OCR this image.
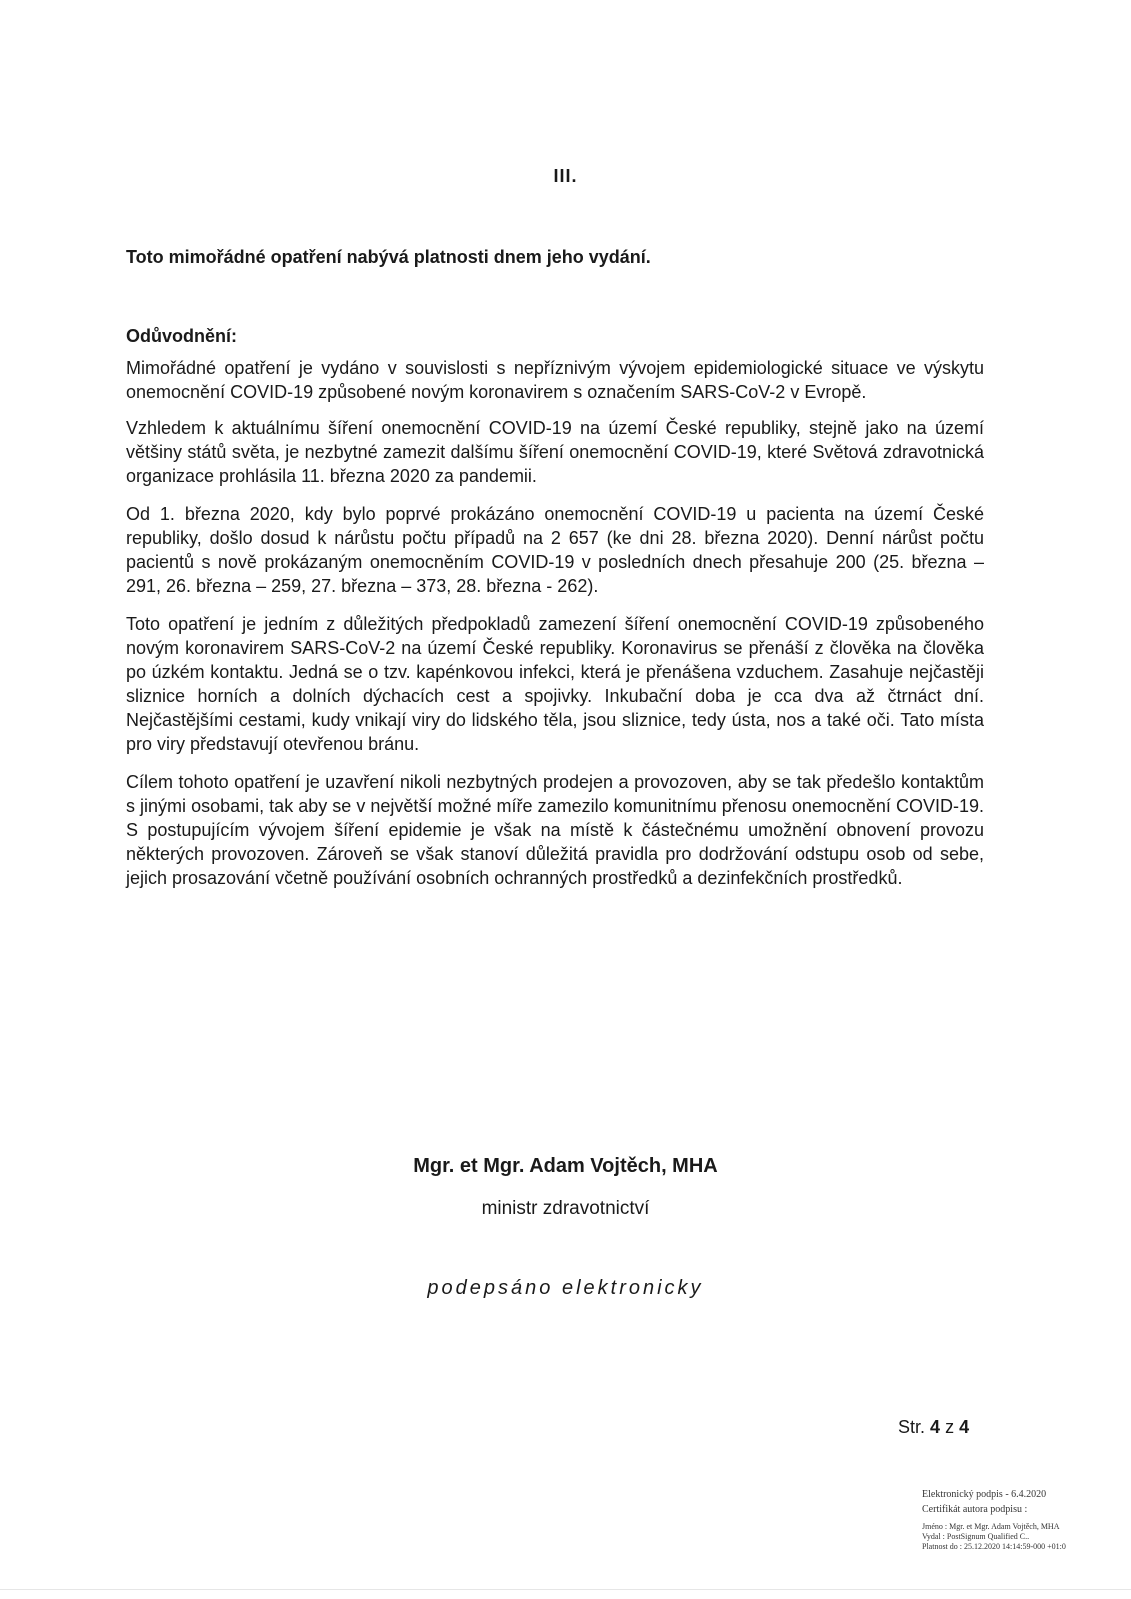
III.
Toto mimořádné opatření nabývá platnosti dnem jeho vydání.
Odůvodnění:

Mimořádné opatření je vydáno v souvislosti s nepříznivým vývojem epidemiologické situace ve výskytu onemocnění COVID-19 způsobené novým koronavirem s označením SARS-CoV-2 v Evropě.

Vzhledem k aktuálnímu šíření onemocnění COVID-19 na území České republiky, stejně jako na území většiny států světa, je nezbytné zamezit dalšímu šíření onemocnění COVID-19, které Světová zdravotnická organizace prohlásila 11. března 2020 za pandemii.

Od 1. března 2020, kdy bylo poprvé prokázáno onemocnění COVID-19 u pacienta na území České republiky, došlo dosud k nárůstu počtu případů na 2 657 (ke dni 28. března 2020). Denní nárůst počtu pacientů s nově prokázaným onemocněním COVID-19 v posledních dnech přesahuje 200 (25. března – 291, 26. března – 259, 27. března – 373, 28. března - 262).

Toto opatření je jedním z důležitých předpokladů zamezení šíření onemocnění COVID-19 způsobeného novým koronavirem SARS-CoV-2 na území České republiky. Koronavirus se přenáší z člověka na člověka po úzkém kontaktu. Jedná se o tzv. kapénkovou infekci, která je přenášena vzduchem. Zasahuje nejčastěji sliznice horních a dolních dýchacích cest a spojivky. Inkubační doba je cca dva až čtrnáct dní. Nejčastějšími cestami, kudy vnikají viry do lidského těla, jsou sliznice, tedy ústa, nos a také oči. Tato místa pro viry představují otevřenou bránu.

Cílem tohoto opatření je uzavření nikoli nezbytných prodejen a provozoven, aby se tak předešlo kontaktům s jinými osobami, tak aby se v největší možné míře zamezilo komunitnímu přenosu onemocnění COVID-19. S postupujícím vývojem šíření epidemie je však na místě k částečnému umožnění obnovení provozu některých provozoven. Zároveň se však stanoví důležitá pravidla pro dodržování odstupu osob od sebe, jejich prosazování včetně používání osobních ochranných prostředků a dezinfekčních prostředků.

Mgr. et Mgr. Adam Vojtěch, MHA
ministr zdravotnictví
podepsáno elektronicky
Str. 4 z 4
Elektronický podpis - 6.4.2020
Certifikát autora podpisu :
Jméno : Mgr. et Mgr. Adam Vojtěch, MHA
Vydal : PostSignum Qualified C..
Platnost do : 25.12.2020 14:14:59-000 +01:0
